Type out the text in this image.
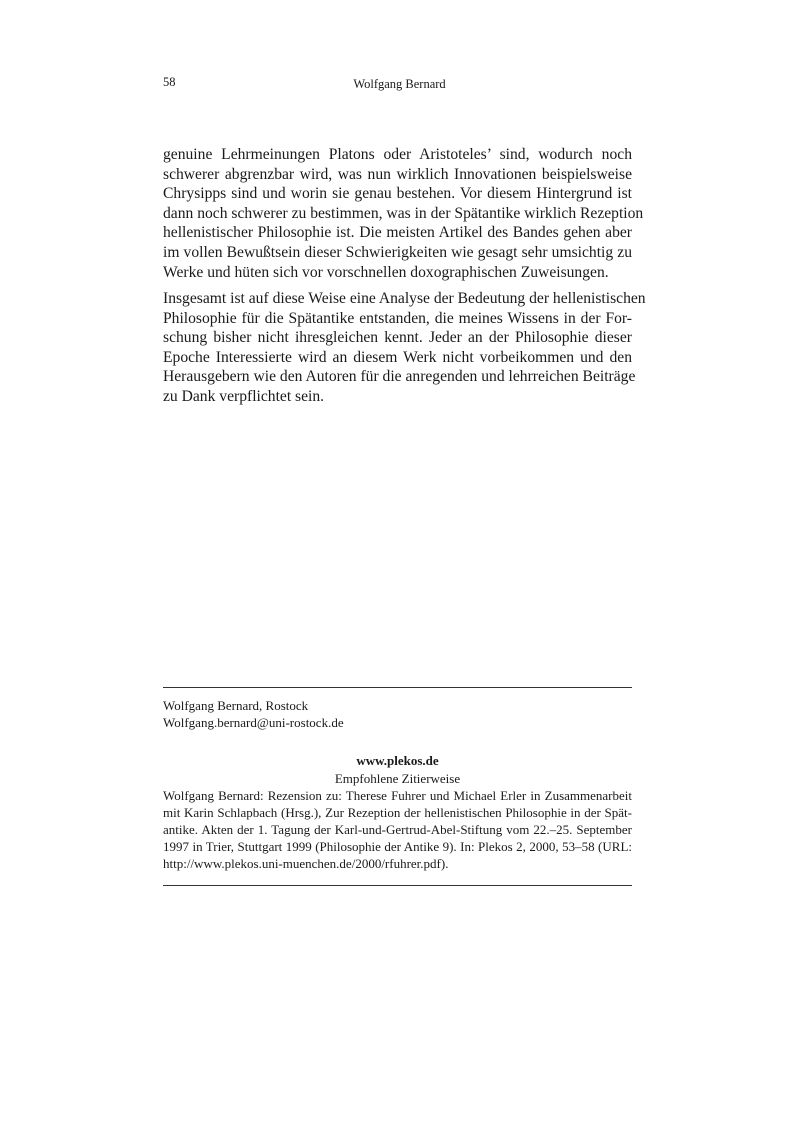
58	Wolfgang Bernard
genuine Lehrmeinungen Platons oder Aristoteles’ sind, wodurch noch
schwerer abgrenzbar wird, was nun wirklich Innovationen beispielsweise
Chrysipps sind und worin sie genau bestehen. Vor diesem Hintergrund ist
dann noch schwerer zu bestimmen, was in der Spätantike wirklich Rezeption
hellenistischer Philosophie ist. Die meisten Artikel des Bandes gehen aber
im vollen Bewußtsein dieser Schwierigkeiten wie gesagt sehr umsichtig zu
Werke und hüten sich vor vorschnellen doxographischen Zuweisungen.
Insgesamt ist auf diese Weise eine Analyse der Bedeutung der hellenistischen
Philosophie für die Spätantike entstanden, die meines Wissens in der For-
schung bisher nicht ihresgleichen kennt. Jeder an der Philosophie dieser
Epoche Interessierte wird an diesem Werk nicht vorbeikommen und den
Herausgebern wie den Autoren für die anregenden und lehrreichen Beiträge
zu Dank verpflichtet sein.
Wolfgang Bernard, Rostock
Wolfgang.bernard@uni-rostock.de
www.plekos.de
Empfohlene Zitierweise
Wolfgang Bernard: Rezension zu: Therese Fuhrer und Michael Erler in Zusammenarbeit
mit Karin Schlapbach (Hrsg.), Zur Rezeption der hellenistischen Philosophie in der Spät-
antike. Akten der 1. Tagung der Karl-und-Gertrud-Abel-Stiftung vom 22.–25. September
1997 in Trier, Stuttgart 1999 (Philosophie der Antike 9). In: Plekos 2, 2000, 53–58 (URL:
http://www.plekos.uni-muenchen.de/2000/rfuhrer.pdf).
